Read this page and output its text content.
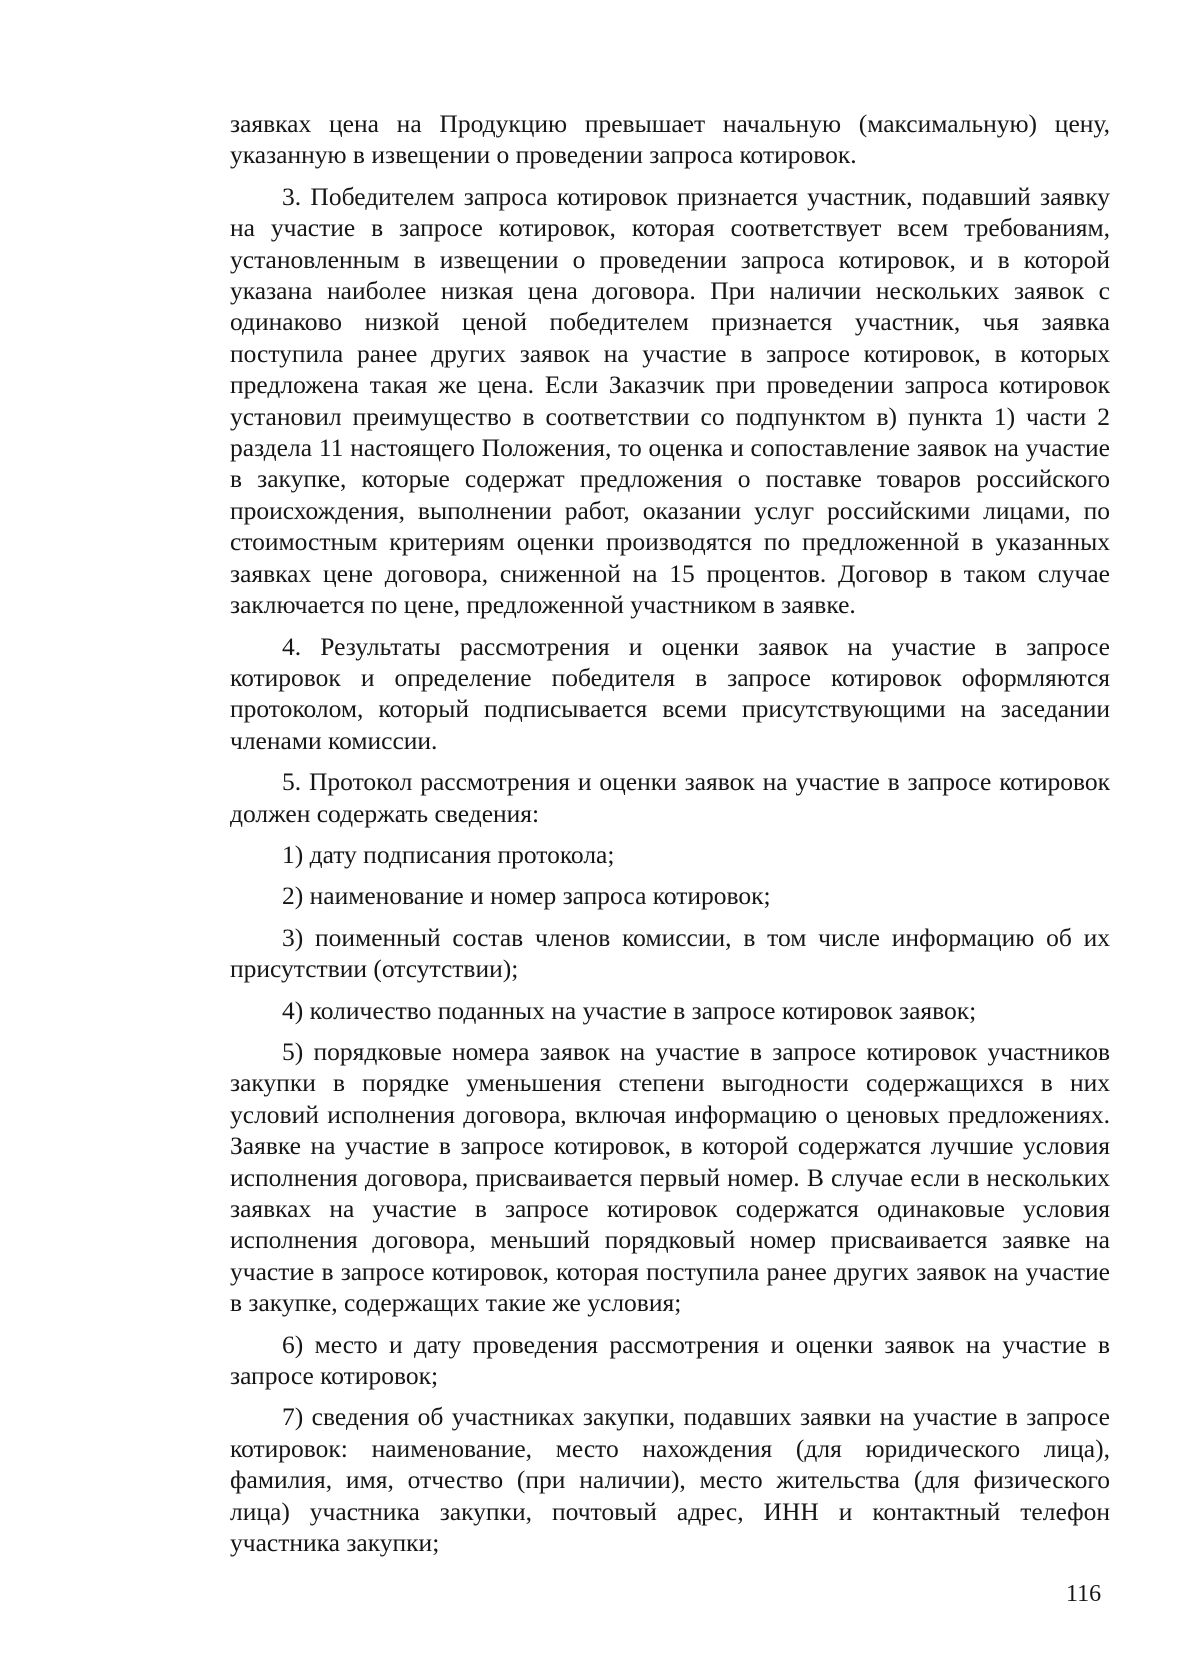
заявках цена на Продукцию превышает начальную (максимальную) цену, указанную в извещении о проведении запроса котировок.

3. Победителем запроса котировок признается участник, подавший заявку на участие в запросе котировок, которая соответствует всем требованиям, установленным в извещении о проведении запроса котировок, и в которой указана наиболее низкая цена договора. При наличии нескольких заявок с одинаково низкой ценой победителем признается участник, чья заявка поступила ранее других заявок на участие в запросе котировок, в которых предложена такая же цена. Если Заказчик при проведении запроса котировок установил преимущество в соответствии со подпунктом в) пункта 1) части 2 раздела 11 настоящего Положения, то оценка и сопоставление заявок на участие в закупке, которые содержат предложения о поставке товаров российского происхождения, выполнении работ, оказании услуг российскими лицами, по стоимостным критериям оценки производятся по предложенной в указанных заявках цене договора, сниженной на 15 процентов. Договор в таком случае заключается по цене, предложенной участником в заявке.

4. Результаты рассмотрения и оценки заявок на участие в запросе котировок и определение победителя в запросе котировок оформляются протоколом, который подписывается всеми присутствующими на заседании членами комиссии.

5. Протокол рассмотрения и оценки заявок на участие в запросе котировок должен содержать сведения:

1) дату подписания протокола;

2) наименование и номер запроса котировок;

3) поименный состав членов комиссии, в том числе информацию об их присутствии (отсутствии);

4) количество поданных на участие в запросе котировок заявок;

5) порядковые номера заявок на участие в запросе котировок участников закупки в порядке уменьшения степени выгодности содержащихся в них условий исполнения договора, включая информацию о ценовых предложениях. Заявке на участие в запросе котировок, в которой содержатся лучшие условия исполнения договора, присваивается первый номер. В случае если в нескольких заявках на участие в запросе котировок содержатся одинаковые условия исполнения договора, меньший порядковый номер присваивается заявке на участие в запросе котировок, которая поступила ранее других заявок на участие в закупке, содержащих такие же условия;

6) место и дату проведения рассмотрения и оценки заявок на участие в запросе котировок;

7) сведения об участниках закупки, подавших заявки на участие в запросе котировок: наименование, место нахождения (для юридического лица), фамилия, имя, отчество (при наличии), место жительства (для физического лица) участника закупки, почтовый адрес, ИНН и контактный телефон участника закупки;

116
